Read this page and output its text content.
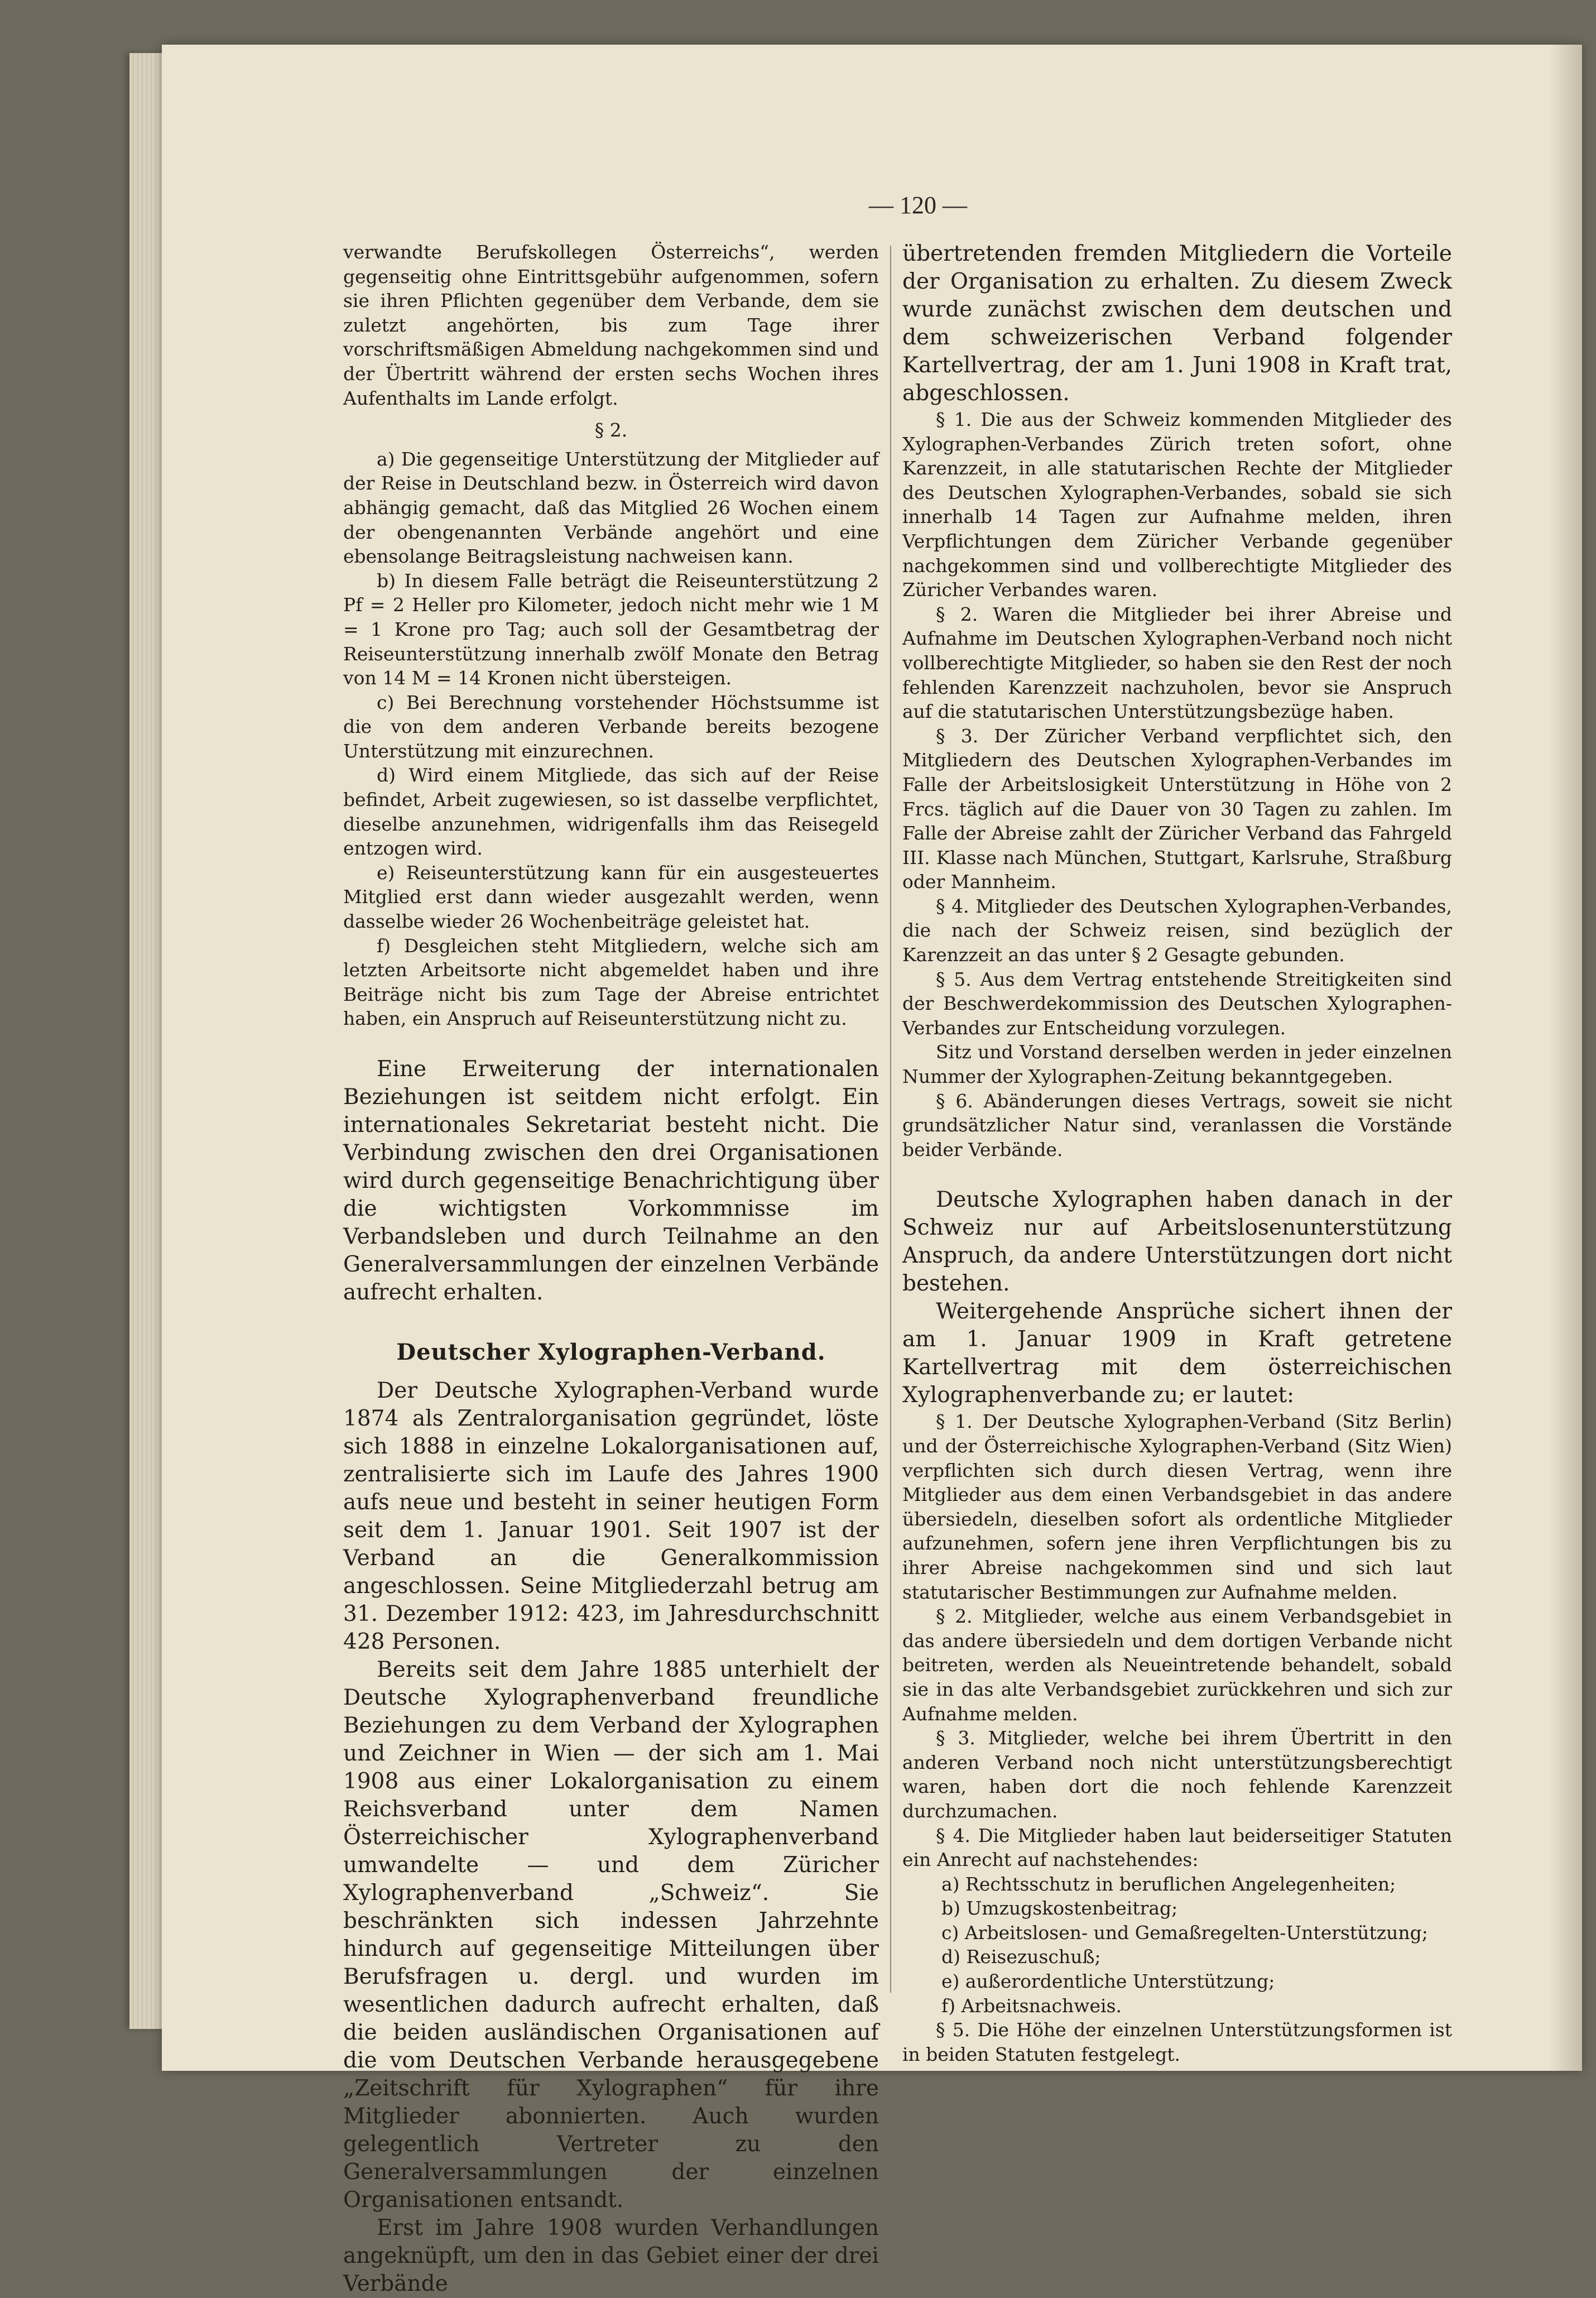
— 120 —

verwandte Berufskollegen Österreichs“, werden gegenseitig ohne Eintrittsgebühr aufgenommen, sofern sie ihren Pflichten gegenüber dem Verbande, dem sie zuletzt angehörten, bis zum Tage ihrer vorschriftsmäßigen Abmeldung nachgekommen sind und der Übertritt während der ersten sechs Wochen ihres Aufenthalts im Lande erfolgt.

§ 2.

a) Die gegenseitige Unterstützung der Mitglieder auf der Reise in Deutschland bezw. in Österreich wird davon abhängig gemacht, daß das Mitglied 26 Wochen einem der obengenannten Verbände angehört und eine ebensolange Beitragsleistung nachweisen kann.

b) In diesem Falle beträgt die Reiseunterstützung 2 Pf = 2 Heller pro Kilometer, jedoch nicht mehr wie 1 M = 1 Krone pro Tag; auch soll der Gesamtbetrag der Reiseunterstützung innerhalb zwölf Monate den Betrag von 14 M = 14 Kronen nicht übersteigen.

c) Bei Berechnung vorstehender Höchstsumme ist die von dem anderen Verbande bereits bezogene Unterstützung mit einzurechnen.

d) Wird einem Mitgliede, das sich auf der Reise befindet, Arbeit zugewiesen, so ist dasselbe verpflichtet, dieselbe anzunehmen, widrigenfalls ihm das Reisegeld entzogen wird.

e) Reiseunterstützung kann für ein ausgesteuertes Mitglied erst dann wieder ausgezahlt werden, wenn dasselbe wieder 26 Wochenbeiträge geleistet hat.

f) Desgleichen steht Mitgliedern, welche sich am letzten Arbeitsorte nicht abgemeldet haben und ihre Beiträge nicht bis zum Tage der Abreise entrichtet haben, ein Anspruch auf Reiseunterstützung nicht zu.

Eine Erweiterung der internationalen Beziehungen ist seitdem nicht erfolgt. Ein internationales Sekretariat besteht nicht. Die Verbindung zwischen den drei Organisationen wird durch gegenseitige Benachrichtigung über die wichtigsten Vorkommnisse im Verbandsleben und durch Teilnahme an den Generalversammlungen der einzelnen Verbände aufrecht erhalten.

Deutscher Xylographen-Verband.

Der Deutsche Xylographen-Verband wurde 1874 als Zentralorganisation gegründet, löste sich 1888 in einzelne Lokalorganisationen auf, zentralisierte sich im Laufe des Jahres 1900 aufs neue und besteht in seiner heutigen Form seit dem 1. Januar 1901. Seit 1907 ist der Verband an die Generalkommission angeschlossen. Seine Mitgliederzahl betrug am 31. Dezember 1912: 423, im Jahresdurchschnitt 428 Personen.

Bereits seit dem Jahre 1885 unterhielt der Deutsche Xylographenverband freundliche Beziehungen zu dem Verband der Xylographen und Zeichner in Wien — der sich am 1. Mai 1908 aus einer Lokalorganisation zu einem Reichsverband unter dem Namen Österreichischer Xylographenverband umwandelte — und dem Züricher Xylographenverband „Schweiz“. Sie beschränkten sich indessen Jahrzehnte hindurch auf gegenseitige Mitteilungen über Berufsfragen u. dergl. und wurden im wesentlichen dadurch aufrecht erhalten, daß die beiden ausländischen Organisationen auf die vom Deutschen Verbande herausgegebene „Zeitschrift für Xylographen“ für ihre Mitglieder abonnierten. Auch wurden gelegentlich Vertreter zu den Generalversammlungen der einzelnen Organisationen entsandt.

Erst im Jahre 1908 wurden Verhandlungen angeknüpft, um den in das Gebiet einer der drei Verbände

übertretenden fremden Mitgliedern die Vorteile der Organisation zu erhalten. Zu diesem Zweck wurde zunächst zwischen dem deutschen und dem schweizerischen Verband folgender Kartellvertrag, der am 1. Juni 1908 in Kraft trat, abgeschlossen.

§ 1. Die aus der Schweiz kommenden Mitglieder des Xylographen-Verbandes Zürich treten sofort, ohne Karenzzeit, in alle statutarischen Rechte der Mitglieder des Deutschen Xylographen-Verbandes, sobald sie sich innerhalb 14 Tagen zur Aufnahme melden, ihren Verpflichtungen dem Züricher Verbande gegenüber nachgekommen sind und vollberechtigte Mitglieder des Züricher Verbandes waren.

§ 2. Waren die Mitglieder bei ihrer Abreise und Aufnahme im Deutschen Xylographen-Verband noch nicht vollberechtigte Mitglieder, so haben sie den Rest der noch fehlenden Karenzzeit nachzuholen, bevor sie Anspruch auf die statutarischen Unterstützungsbezüge haben.

§ 3. Der Züricher Verband verpflichtet sich, den Mitgliedern des Deutschen Xylographen-Verbandes im Falle der Arbeitslosigkeit Unterstützung in Höhe von 2 Frcs. täglich auf die Dauer von 30 Tagen zu zahlen. Im Falle der Abreise zahlt der Züricher Verband das Fahrgeld III. Klasse nach München, Stuttgart, Karlsruhe, Straßburg oder Mannheim.

§ 4. Mitglieder des Deutschen Xylographen-Verbandes, die nach der Schweiz reisen, sind bezüglich der Karenzzeit an das unter § 2 Gesagte gebunden.

§ 5. Aus dem Vertrag entstehende Streitigkeiten sind der Beschwerdekommission des Deutschen Xylographen-Verbandes zur Entscheidung vorzulegen.

Sitz und Vorstand derselben werden in jeder einzelnen Nummer der Xylographen-Zeitung bekanntgegeben.

§ 6. Abänderungen dieses Vertrags, soweit sie nicht grundsätzlicher Natur sind, veranlassen die Vorstände beider Verbände.

Deutsche Xylographen haben danach in der Schweiz nur auf Arbeitslosenunterstützung Anspruch, da andere Unterstützungen dort nicht bestehen.

Weitergehende Ansprüche sichert ihnen der am 1. Januar 1909 in Kraft getretene Kartellvertrag mit dem österreichischen Xylographenverbande zu; er lautet:

§ 1. Der Deutsche Xylographen-Verband (Sitz Berlin) und der Österreichische Xylographen-Verband (Sitz Wien) verpflichten sich durch diesen Vertrag, wenn ihre Mitglieder aus dem einen Verbandsgebiet in das andere übersiedeln, dieselben sofort als ordentliche Mitglieder aufzunehmen, sofern jene ihren Verpflichtungen bis zu ihrer Abreise nachgekommen sind und sich laut statutarischer Bestimmungen zur Aufnahme melden.

§ 2. Mitglieder, welche aus einem Verbandsgebiet in das andere übersiedeln und dem dortigen Verbande nicht beitreten, werden als Neueintretende behandelt, sobald sie in das alte Verbandsgebiet zurückkehren und sich zur Aufnahme melden.

§ 3. Mitglieder, welche bei ihrem Übertritt in den anderen Verband noch nicht unterstützungsberechtigt waren, haben dort die noch fehlende Karenzzeit durchzumachen.

§ 4. Die Mitglieder haben laut beiderseitiger Statuten ein Anrecht auf nachstehendes:

a) Rechtsschutz in beruflichen Angelegenheiten;

b) Umzugskostenbeitrag;

c) Arbeitslosen- und Gemaßregelten-Unterstützung;

d) Reisezuschuß;

e) außerordentliche Unterstützung;

f) Arbeitsnachweis.

§ 5. Die Höhe der einzelnen Unterstützungsformen ist in beiden Statuten festgelegt.
